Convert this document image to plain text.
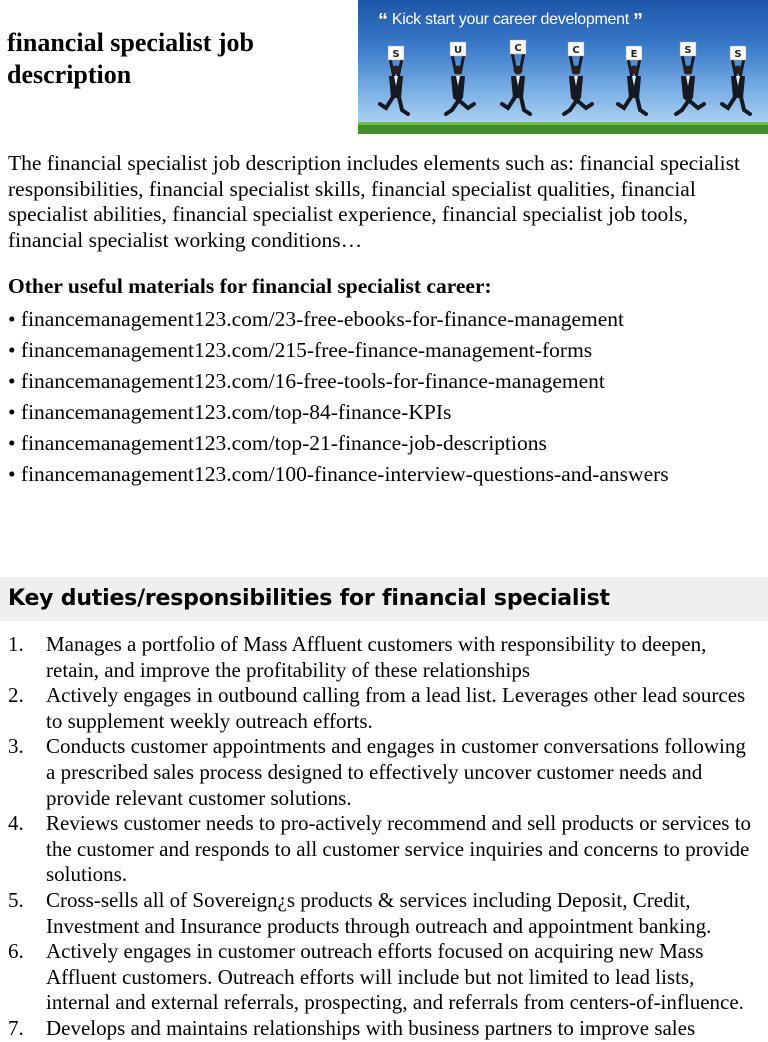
financial specialist job description
S	U	C	C	E	S	S
“ Kick start your career development ”

The financial specialist job description includes elements such as: financial specialist responsibilities, financial specialist skills, financial specialist qualities, financial specialist abilities, financial specialist experience, financial specialist job tools, financial specialist working conditions…

Other useful materials for financial specialist career:
• financemanagement123.com/23-free-ebooks-for-finance-management
• financemanagement123.com/215-free-finance-management-forms
• financemanagement123.com/16-free-tools-for-finance-management
• financemanagement123.com/top-84-finance-KPIs
• financemanagement123.com/top-21-finance-job-descriptions
• financemanagement123.com/100-finance-interview-questions-and-answers
Key duties/responsibilities for financial specialist
1. Manages a portfolio of Mass Affluent customers with responsibility to deepen, retain, and improve the profitability of these relationships
2. Actively engages in outbound calling from a lead list. Leverages other lead sources to supplement weekly outreach efforts.
3. Conducts customer appointments and engages in customer conversations following a prescribed sales process designed to effectively uncover customer needs and provide relevant customer solutions.
4. Reviews customer needs to pro-actively recommend and sell products or services to the customer and responds to all customer service inquiries and concerns to provide solutions.
5. Cross-sells all of Sovereign¿s products & services including Deposit, Credit, Investment and Insurance products through outreach and appointment banking.
6. Actively engages in customer outreach efforts focused on acquiring new Mass Affluent customers. Outreach efforts will include but not limited to lead lists, internal and external referrals, prospecting, and referrals from centers-of-influence.
7. Develops and maintains relationships with business partners to improve sales
